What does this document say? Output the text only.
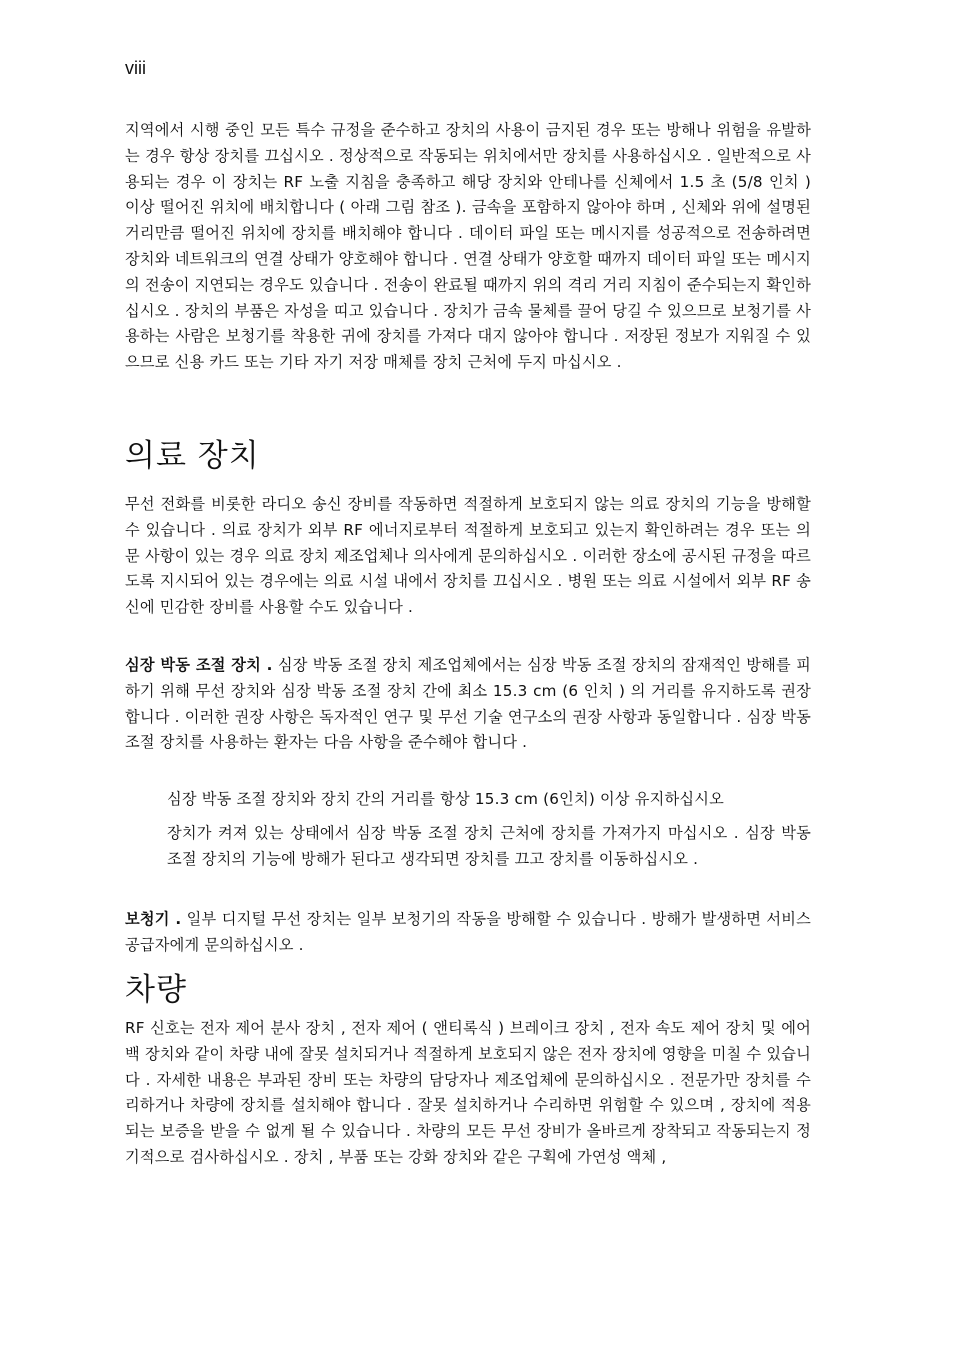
viii

지역에서 시행 중인 모든 특수 규정을 준수하고 장치의 사용이 금지된 경우 또는 방해나 위험을 유발하는 경우 항상 장치를 끄십시오 . 정상적으로 작동되는 위치에서만 장치를 사용하십시오 . 일반적으로 사용되는 경우 이 장치는 RF 노출 지침을 충족하고 해당 장치와 안테나를 신체에서 1.5 초 (5/8 인치 ) 이상 떨어진 위치에 배치합니다 ( 아래 그림 참조 ). 금속을 포함하지 않아야 하며 , 신체와 위에 설명된 거리만큼 떨어진 위치에 장치를 배치해야 합니다 . 데이터 파일 또는 메시지를 성공적으로 전송하려면 장치와 네트워크의 연결 상태가 양호해야 합니다 . 연결 상태가 양호할 때까지 데이터 파일 또는 메시지의 전송이 지연되는 경우도 있습니다 . 전송이 완료될 때까지 위의 격리 거리 지침이 준수되는지 확인하십시오 . 장치의 부품은 자성을 띠고 있습니다 . 장치가 금속 물체를 끌어 당길 수 있으므로 보청기를 사용하는 사람은 보청기를 착용한 귀에 장치를 가져다 대지 않아야 합니다 . 저장된 정보가 지워질 수 있으므로 신용 카드 또는 기타 자기 저장 매체를 장치 근처에 두지 마십시오 .

의료 장치

무선 전화를 비롯한 라디오 송신 장비를 작동하면 적절하게 보호되지 않는 의료 장치의 기능을 방해할 수 있습니다 . 의료 장치가 외부 RF 에너지로부터 적절하게 보호되고 있는지 확인하려는 경우 또는 의문 사항이 있는 경우 의료 장치 제조업체나 의사에게 문의하십시오 . 이러한 장소에 공시된 규정을 따르도록 지시되어 있는 경우에는 의료 시설 내에서 장치를 끄십시오 . 병원 또는 의료 시설에서 외부 RF 송신에 민감한 장비를 사용할 수도 있습니다 .

심장 박동 조절 장치 . 심장 박동 조절 장치 제조업체에서는 심장 박동 조절 장치의 잠재적인 방해를 피하기 위해 무선 장치와 심장 박동 조절 장치 간에 최소 15.3 cm (6 인치 ) 의 거리를 유지하도록 권장합니다 . 이러한 권장 사항은 독자적인 연구 및 무선 기술 연구소의 권장 사항과 동일합니다 . 심장 박동 조절 장치를 사용하는 환자는 다음 사항을 준수해야 합니다 .

심장 박동 조절 장치와 장치 간의 거리를 항상 15.3 cm (6인치) 이상 유지하십시오

장치가 켜져 있는 상태에서 심장 박동 조절 장치 근처에 장치를 가져가지 마십시오 . 심장 박동 조절 장치의 기능에 방해가 된다고 생각되면 장치를 끄고 장치를 이동하십시오 .

보청기 . 일부 디지털 무선 장치는 일부 보청기의 작동을 방해할 수 있습니다 . 방해가 발생하면 서비스 공급자에게 문의하십시오 .

차량

RF 신호는 전자 제어 분사 장치 , 전자 제어 ( 앤티록식 ) 브레이크 장치 , 전자 속도 제어 장치 및 에어백 장치와 같이 차량 내에 잘못 설치되거나 적절하게 보호되지 않은 전자 장치에 영향을 미칠 수 있습니다 . 자세한 내용은 부과된 장비 또는 차량의 담당자나 제조업체에 문의하십시오 . 전문가만 장치를 수리하거나 차량에 장치를 설치해야 합니다 . 잘못 설치하거나 수리하면 위험할 수 있으며 , 장치에 적용되는 보증을 받을 수 없게 될 수 있습니다 . 차량의 모든 무선 장비가 올바르게 장착되고 작동되는지 정기적으로 검사하십시오 . 장치 , 부품 또는 강화 장치와 같은 구획에 가연성 액체 ,
